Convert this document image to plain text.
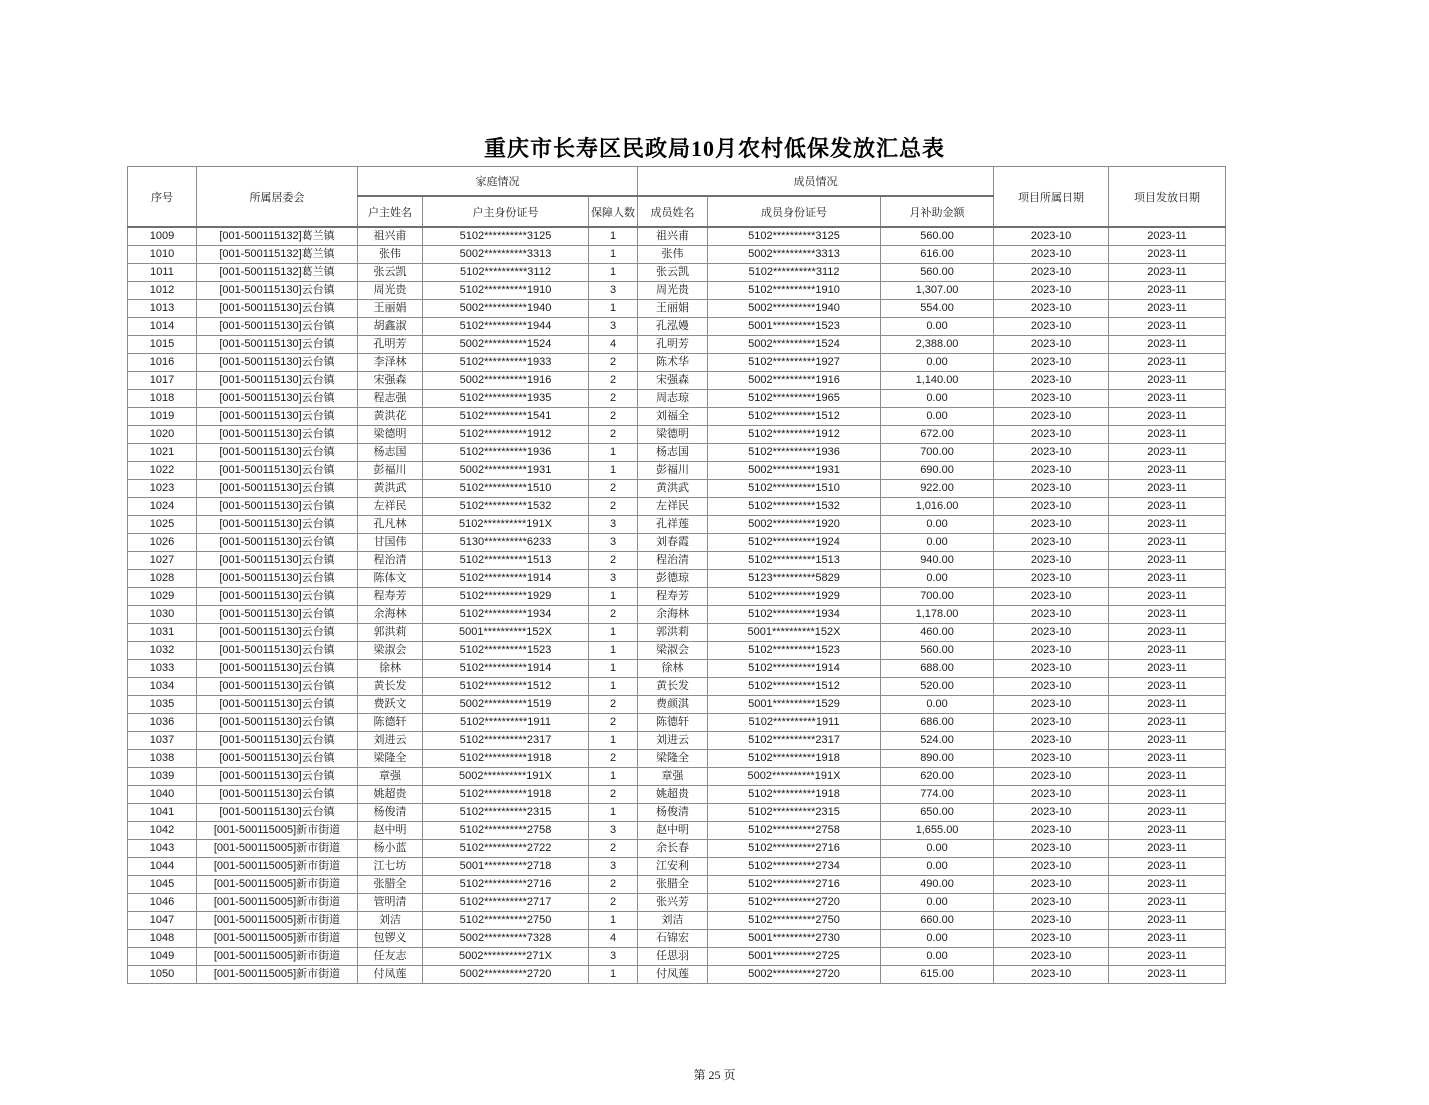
重庆市长寿区民政局10月农村低保发放汇总表
序号	所属居委会	家庭情况			成员情况			项目所属日期	项目发放日期
		户主姓名	户主身份证号	保障人数	成员姓名	成员身份证号	月补助金额		
1009	[001-500115132]葛兰镇	祖兴甫	5102**********3125	1	祖兴甫	5102**********3125	560.00	2023-10	2023-11
1010	[001-500115132]葛兰镇	张伟	5002**********3313	1	张伟	5002**********3313	616.00	2023-10	2023-11
1011	[001-500115132]葛兰镇	张云凯	5102**********3112	1	张云凯	5102**********3112	560.00	2023-10	2023-11
1012	[001-500115130]云台镇	周光贵	5102**********1910	3	周光贵	5102**********1910	1,307.00	2023-10	2023-11
1013	[001-500115130]云台镇	王丽娟	5002**********1940	1	王丽娟	5002**********1940	554.00	2023-10	2023-11
1014	[001-500115130]云台镇	胡鑫淑	5102**********1944	3	孔泓嫚	5001**********1523	0.00	2023-10	2023-11
1015	[001-500115130]云台镇	孔明芳	5002**********1524	4	孔明芳	5002**********1524	2,388.00	2023-10	2023-11
1016	[001-500115130]云台镇	李泽林	5102**********1933	2	陈术华	5102**********1927	0.00	2023-10	2023-11
1017	[001-500115130]云台镇	宋强森	5002**********1916	2	宋强森	5002**********1916	1,140.00	2023-10	2023-11
1018	[001-500115130]云台镇	程志强	5102**********1935	2	周志琼	5102**********1965	0.00	2023-10	2023-11
1019	[001-500115130]云台镇	黄洪花	5102**********1541	2	刘福全	5102**********1512	0.00	2023-10	2023-11
1020	[001-500115130]云台镇	梁德明	5102**********1912	2	梁德明	5102**********1912	672.00	2023-10	2023-11
1021	[001-500115130]云台镇	杨志国	5102**********1936	1	杨志国	5102**********1936	700.00	2023-10	2023-11
1022	[001-500115130]云台镇	彭福川	5002**********1931	1	彭福川	5002**********1931	690.00	2023-10	2023-11
1023	[001-500115130]云台镇	黄洪武	5102**********1510	2	黄洪武	5102**********1510	922.00	2023-10	2023-11
1024	[001-500115130]云台镇	左祥民	5102**********1532	2	左祥民	5102**********1532	1,016.00	2023-10	2023-11
1025	[001-500115130]云台镇	孔凡林	5102**********191X	3	孔祥莲	5002**********1920	0.00	2023-10	2023-11
1026	[001-500115130]云台镇	甘国伟	5130**********6233	3	刘春霞	5102**********1924	0.00	2023-10	2023-11
1027	[001-500115130]云台镇	程治清	5102**********1513	2	程治清	5102**********1513	940.00	2023-10	2023-11
1028	[001-500115130]云台镇	陈体文	5102**********1914	3	彭德琼	5123**********5829	0.00	2023-10	2023-11
1029	[001-500115130]云台镇	程寿芳	5102**********1929	1	程寿芳	5102**********1929	700.00	2023-10	2023-11
1030	[001-500115130]云台镇	余海林	5102**********1934	2	余海林	5102**********1934	1,178.00	2023-10	2023-11
1031	[001-500115130]云台镇	郭洪莉	5001**********152X	1	郭洪莉	5001**********152X	460.00	2023-10	2023-11
1032	[001-500115130]云台镇	梁淑会	5102**********1523	1	梁淑会	5102**********1523	560.00	2023-10	2023-11
1033	[001-500115130]云台镇	徐林	5102**********1914	1	徐林	5102**********1914	688.00	2023-10	2023-11
1034	[001-500115130]云台镇	黄长发	5102**********1512	1	黄长发	5102**********1512	520.00	2023-10	2023-11
1035	[001-500115130]云台镇	费跃文	5002**********1519	2	费颜淇	5001**********1529	0.00	2023-10	2023-11
1036	[001-500115130]云台镇	陈德轩	5102**********1911	2	陈德轩	5102**********1911	686.00	2023-10	2023-11
1037	[001-500115130]云台镇	刘进云	5102**********2317	1	刘进云	5102**********2317	524.00	2023-10	2023-11
1038	[001-500115130]云台镇	梁隆全	5102**********1918	2	梁隆全	5102**********1918	890.00	2023-10	2023-11
1039	[001-500115130]云台镇	章强	5002**********191X	1	章强	5002**********191X	620.00	2023-10	2023-11
1040	[001-500115130]云台镇	姚超贵	5102**********1918	2	姚超贵	5102**********1918	774.00	2023-10	2023-11
1041	[001-500115130]云台镇	杨俊清	5102**********2315	1	杨俊清	5102**********2315	650.00	2023-10	2023-11
1042	[001-500115005]新市街道	赵中明	5102**********2758	3	赵中明	5102**********2758	1,655.00	2023-10	2023-11
1043	[001-500115005]新市街道	杨小蓝	5102**********2722	2	余长春	5102**********2716	0.00	2023-10	2023-11
1044	[001-500115005]新市街道	江七坊	5001**********2718	3	江安利	5102**********2734	0.00	2023-10	2023-11
1045	[001-500115005]新市街道	张腊全	5102**********2716	2	张腊全	5102**********2716	490.00	2023-10	2023-11
1046	[001-500115005]新市街道	管明清	5102**********2717	2	张兴芳	5102**********2720	0.00	2023-10	2023-11
1047	[001-500115005]新市街道	刘洁	5102**********2750	1	刘洁	5102**********2750	660.00	2023-10	2023-11
1048	[001-500115005]新市街道	包锣义	5002**********7328	4	石锦宏	5001**********2730	0.00	2023-10	2023-11
1049	[001-500115005]新市街道	任友志	5002**********271X	3	任思羽	5001**********2725	0.00	2023-10	2023-11
1050	[001-500115005]新市街道	付凤莲	5002**********2720	1	付凤莲	5002**********2720	615.00	2023-10	2023-11
第 25 页
